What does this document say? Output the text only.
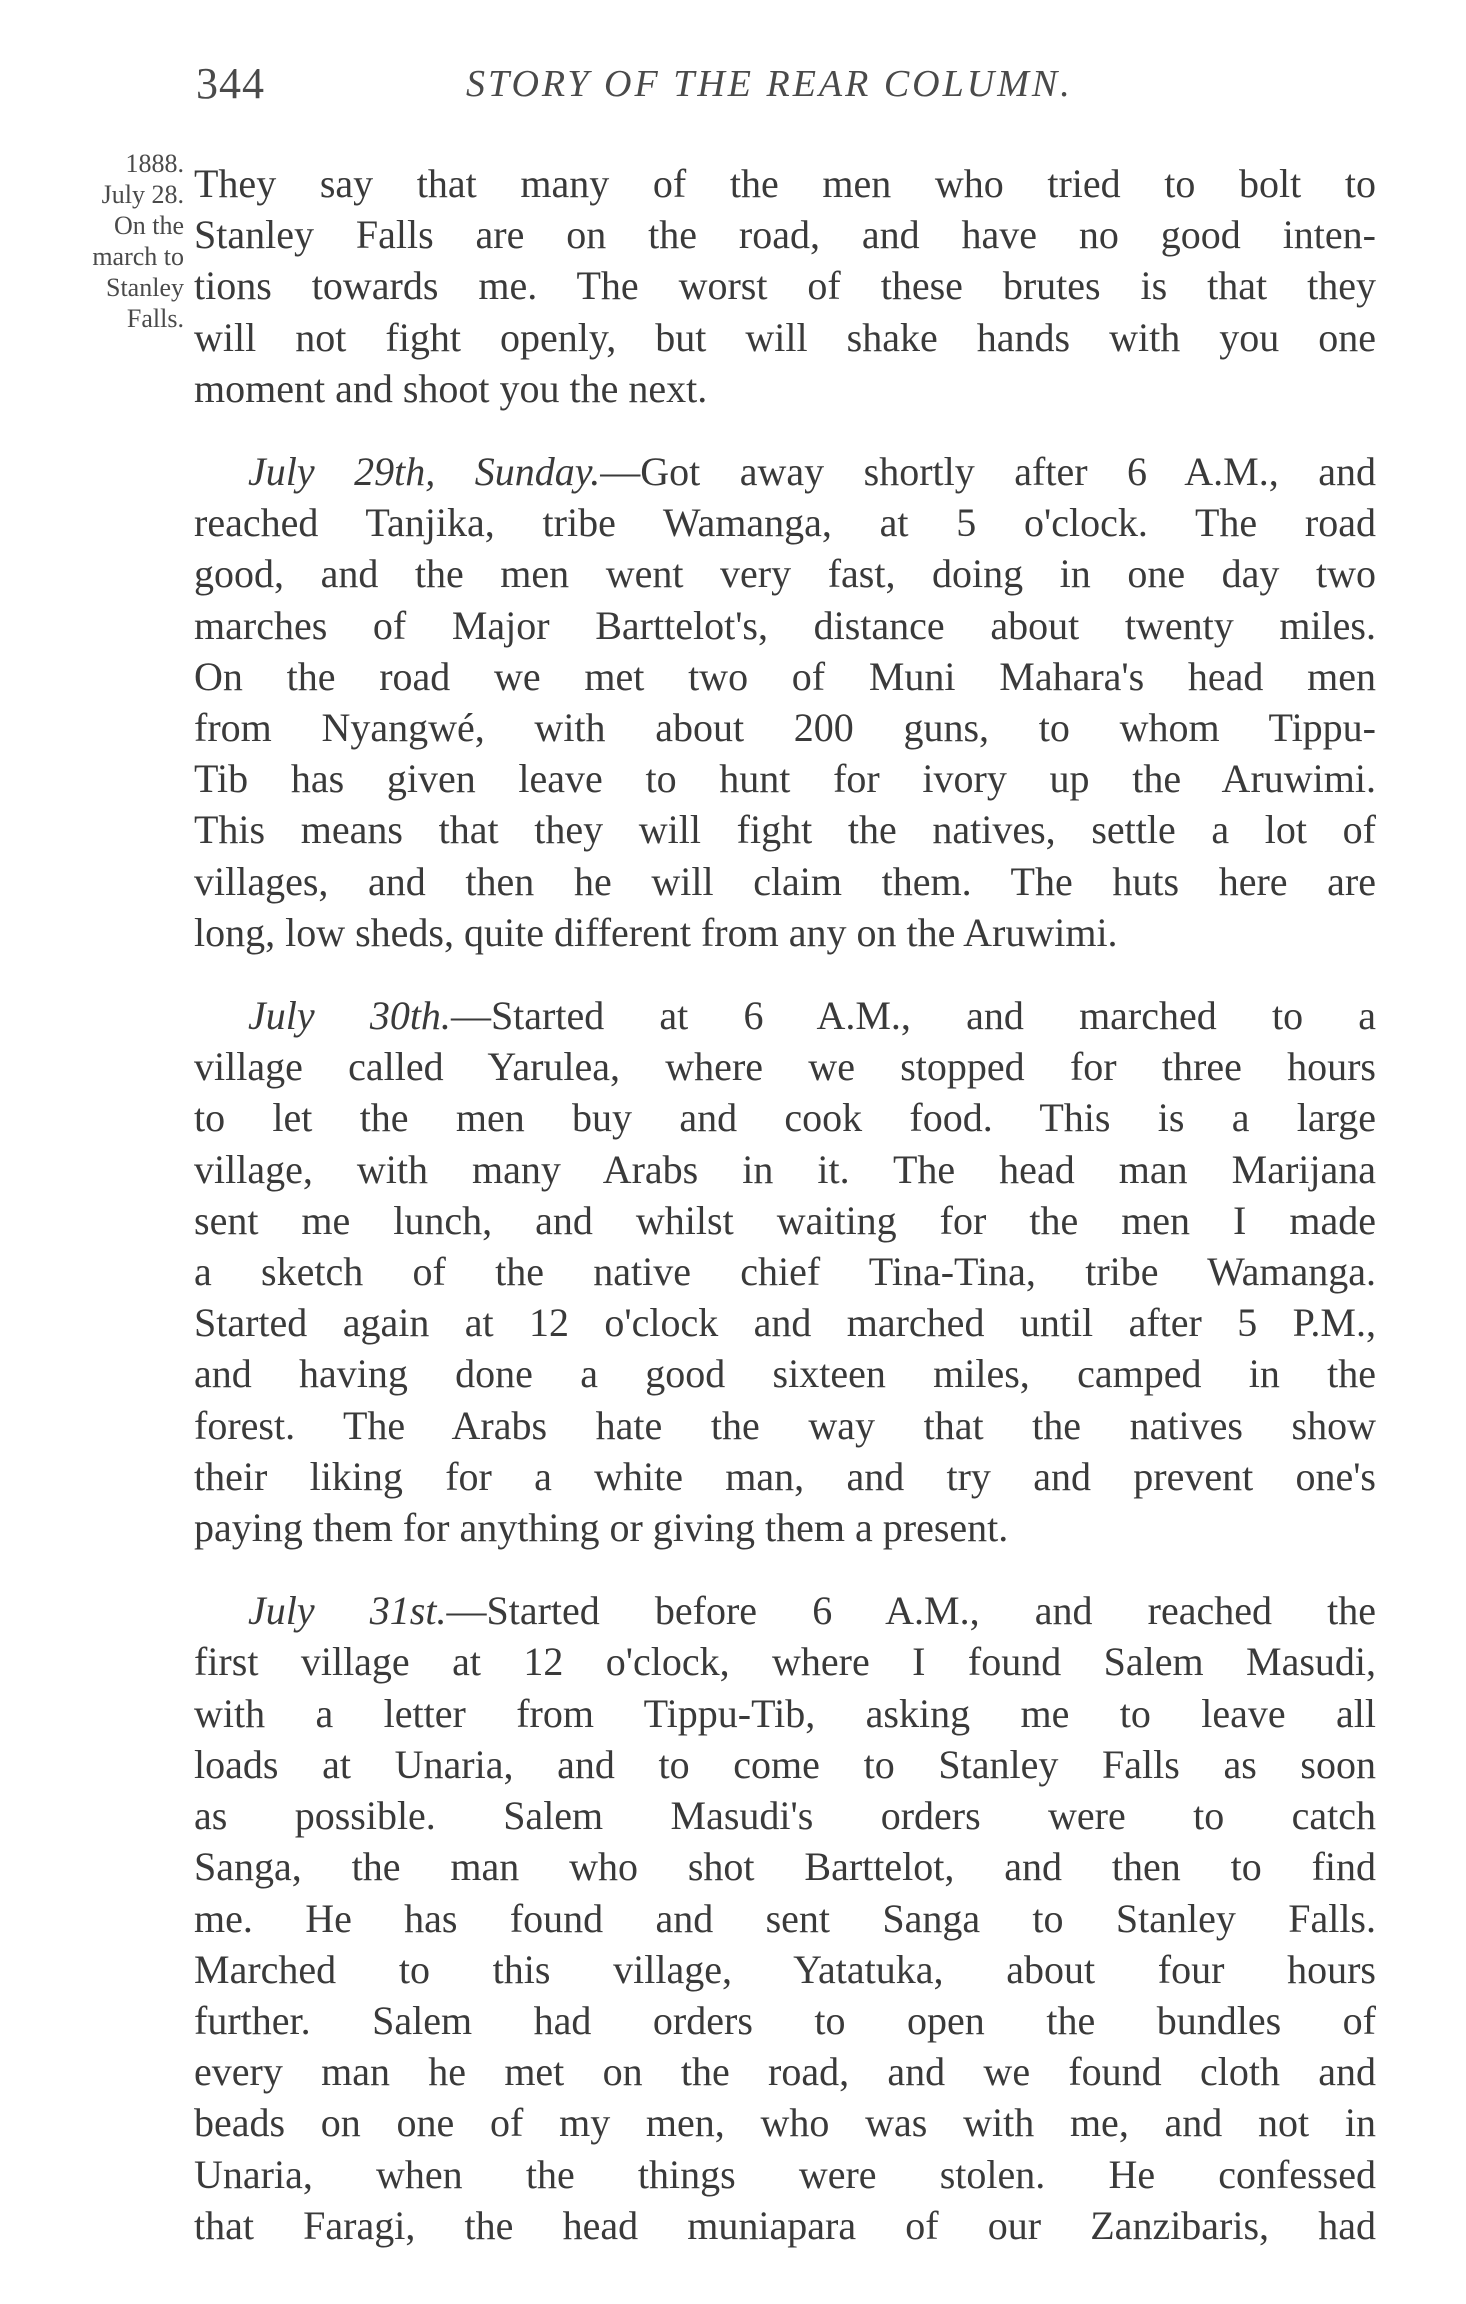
344	STORY OF THE REAR COLUMN.
1888.
July 28.
On the
march to
Stanley
Falls.

They say that many of the men who tried to bolt to
Stanley Falls are on the road, and have no good inten-
tions towards me. The worst of these brutes is that they
will not fight openly, but will shake hands with you one
moment and shoot you the next.

July 29th, Sunday.—Got away shortly after 6 A.M., and
reached Tanjika, tribe Wamanga, at 5 o'clock. The road
good, and the men went very fast, doing in one day two
marches of Major Barttelot's, distance about twenty miles.
On the road we met two of Muni Mahara's head men
from Nyangwé, with about 200 guns, to whom Tippu-
Tib has given leave to hunt for ivory up the Aruwimi.
This means that they will fight the natives, settle a lot of
villages, and then he will claim them. The huts here are
long, low sheds, quite different from any on the Aruwimi.

July 30th.—Started at 6 A.M., and marched to a
village called Yarulea, where we stopped for three hours
to let the men buy and cook food. This is a large
village, with many Arabs in it. The head man Marijana
sent me lunch, and whilst waiting for the men I made
a sketch of the native chief Tina-Tina, tribe Wamanga.
Started again at 12 o'clock and marched until after 5 P.M.,
and having done a good sixteen miles, camped in the
forest. The Arabs hate the way that the natives show
their liking for a white man, and try and prevent one's
paying them for anything or giving them a present.

July 31st.—Started before 6 A.M., and reached the
first village at 12 o'clock, where I found Salem Masudi,
with a letter from Tippu-Tib, asking me to leave all
loads at Unaria, and to come to Stanley Falls as soon
as possible. Salem Masudi's orders were to catch
Sanga, the man who shot Barttelot, and then to find
me. He has found and sent Sanga to Stanley Falls.
Marched to this village, Yatatuka, about four hours
further. Salem had orders to open the bundles of
every man he met on the road, and we found cloth and
beads on one of my men, who was with me, and not in
Unaria, when the things were stolen. He confessed
that Faragi, the head muniapara of our Zanzibaris, had
